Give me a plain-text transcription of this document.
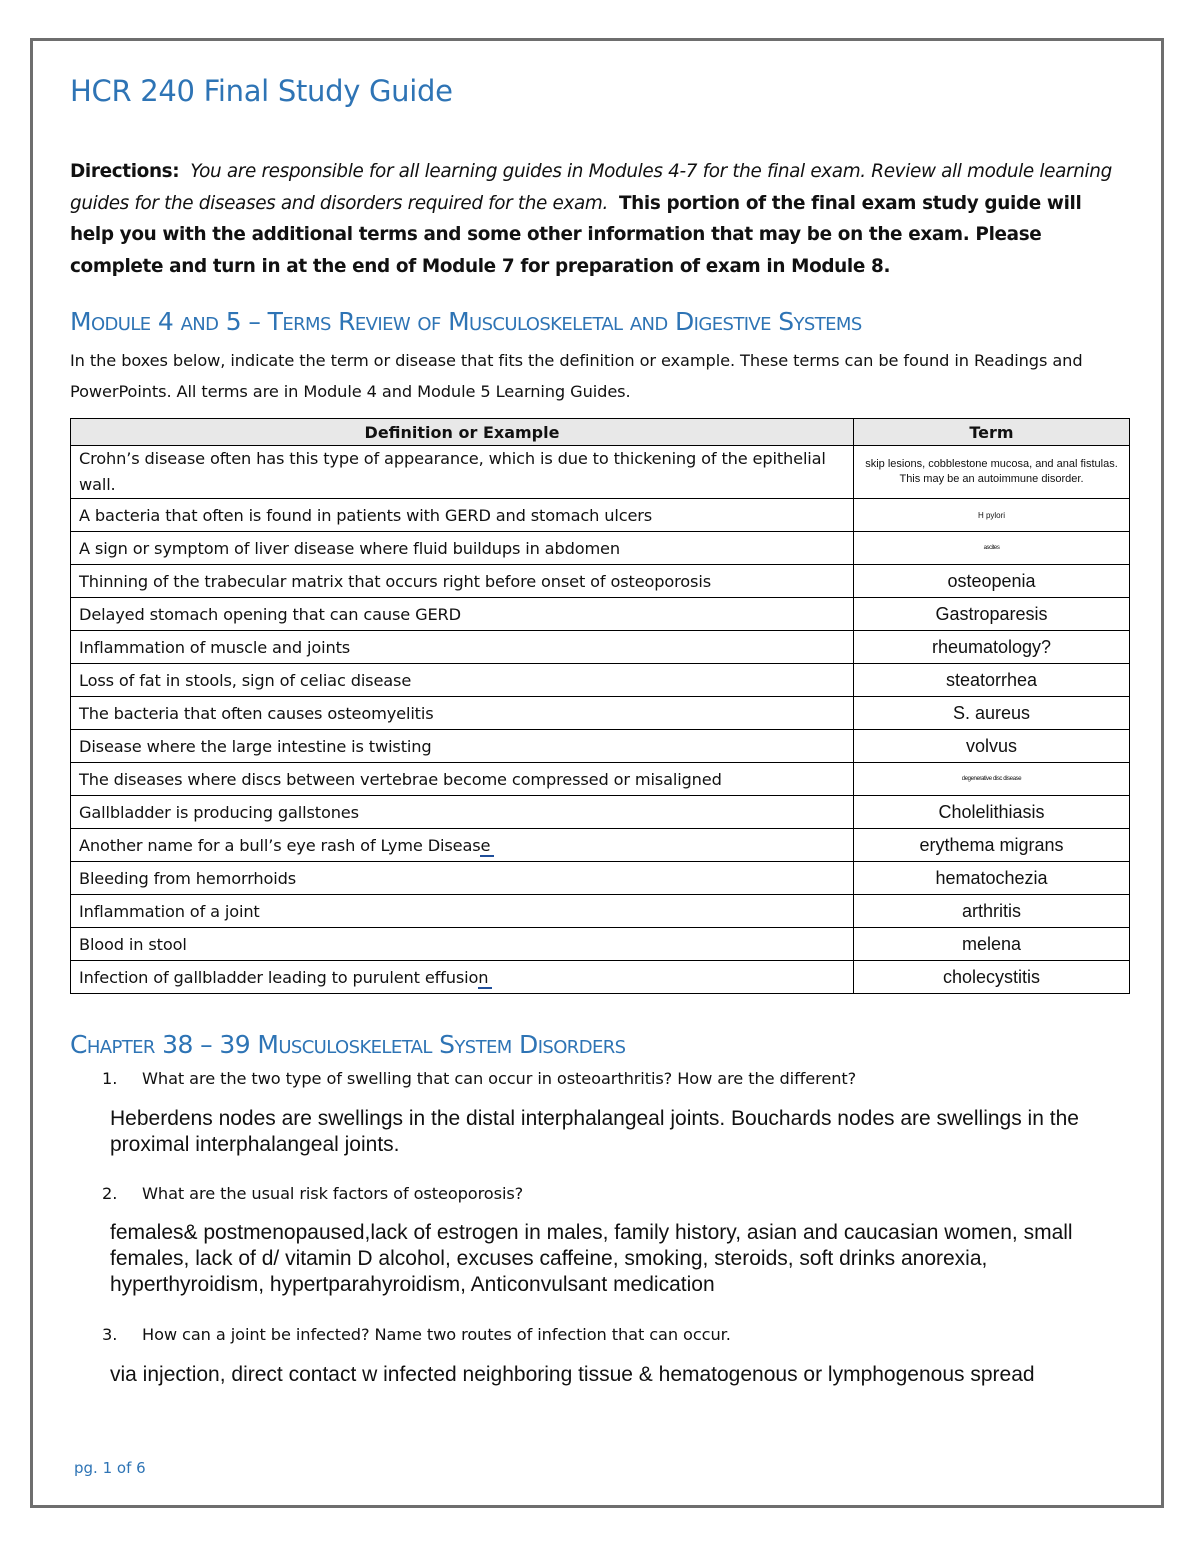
HCR 240 Final Study Guide

Directions: You are responsible for all learning guides in Modules 4-7 for the final exam. Review all module learning guides for the diseases and disorders required for the exam. This portion of the final exam study guide will help you with the additional terms and some other information that may be on the exam. Please complete and turn in at the end of Module 7 for preparation of exam in Module 8.

Module 4 and 5 – Terms Review of Musculoskeletal and Digestive Systems

In the boxes below, indicate the term or disease that fits the definition or example. These terms can be found in Readings and PowerPoints. All terms are in Module 4 and Module 5 Learning Guides.

Definition or Example	Term
Crohn’s disease often has this type of appearance, which is due to thickening of the epithelial wall.	skip lesions, cobblestone mucosa, and anal fistulas. This may be an autoimmune disorder.
A bacteria that often is found in patients with GERD and stomach ulcers	H pylori
A sign or symptom of liver disease where fluid buildups in abdomen	ascites
Thinning of the trabecular matrix that occurs right before onset of osteoporosis	osteopenia
Delayed stomach opening that can cause GERD	Gastroparesis
Inflammation of muscle and joints	rheumatology?
Loss of fat in stools, sign of celiac disease	steatorrhea
The bacteria that often causes osteomyelitis	S. aureus
Disease where the large intestine is twisting	volvus
The diseases where discs between vertebrae become compressed or misaligned	degenerative disc disease
Gallbladder is producing gallstones	Cholelithiasis
Another name for a bull’s eye rash of Lyme Disease	erythema migrans
Bleeding from hemorrhoids	hematochezia
Inflammation of a joint	arthritis
Blood in stool	melena
Infection of gallbladder leading to purulent effusion	cholecystitis
Chapter 38 – 39 Musculoskeletal System Disorders

1. What are the two type of swelling that can occur in osteoarthritis? How are the different?

Heberdens nodes are swellings in the distal interphalangeal joints. Bouchards nodes are swellings in the proximal interphalangeal joints.

2. What are the usual risk factors of osteoporosis?

females& postmenopaused,lack of estrogen in males, family history, asian and caucasian women, small females, lack of d/ vitamin D alcohol, excuses caffeine, smoking, steroids, soft drinks anorexia, hyperthyroidism, hypertparahyroidism, Anticonvulsant medication

3. How can a joint be infected? Name two routes of infection that can occur.

via injection, direct contact w infected neighboring tissue & hematogenous or lymphogenous spread

pg. 1 of 6
